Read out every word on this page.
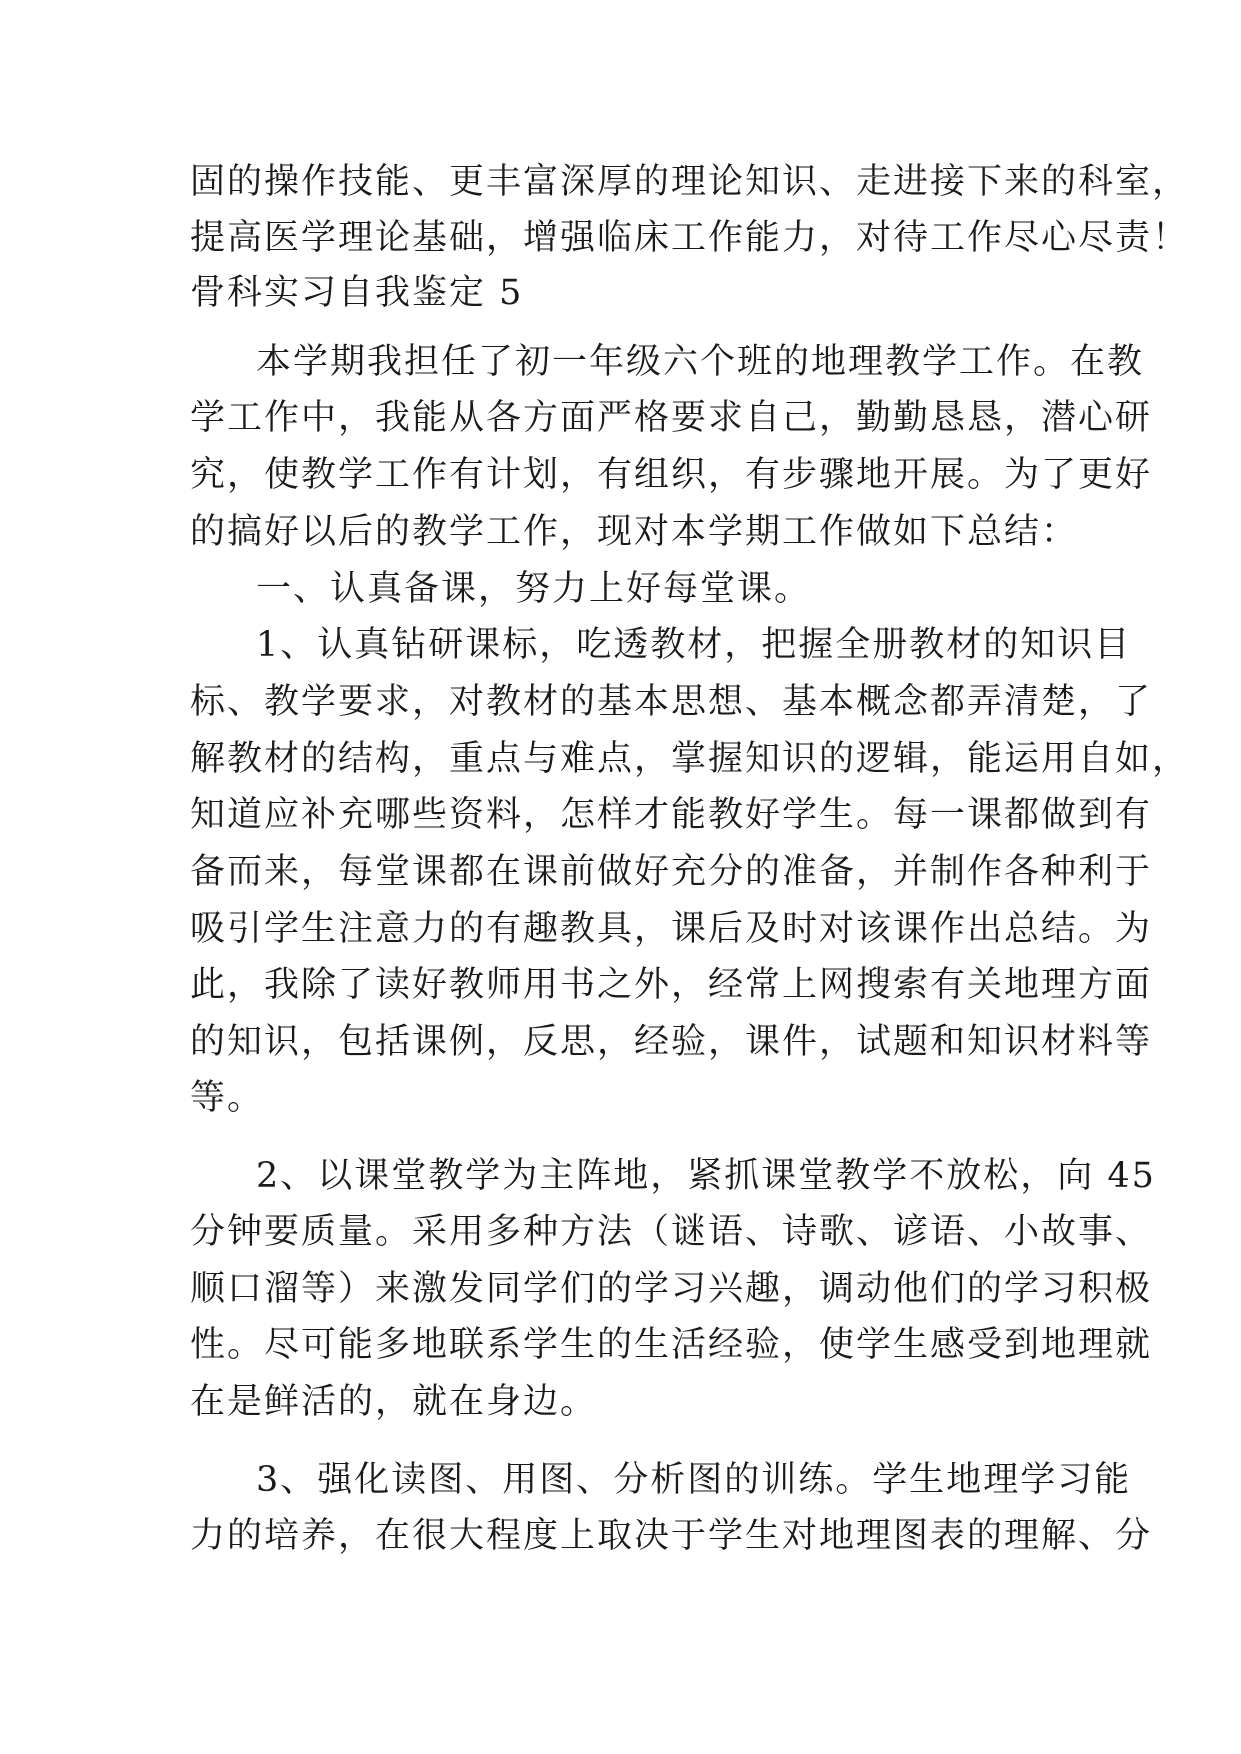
固的操作技能、更丰富深厚的理论知识、走进接下来的科室，
提高医学理论基础，增强临床工作能力，对待工作尽心尽责！
骨科实习自我鉴定 5
本学期我担任了初一年级六个班的地理教学工作。在教
学工作中，我能从各方面严格要求自己，勤勤恳恳，潜心研
究，使教学工作有计划，有组织，有步骤地开展。为了更好
的搞好以后的教学工作，现对本学期工作做如下总结：
一、认真备课，努力上好每堂课。
1、认真钻研课标，吃透教材，把握全册教材的知识目
标、教学要求，对教材的基本思想、基本概念都弄清楚，了
解教材的结构，重点与难点，掌握知识的逻辑，能运用自如，
知道应补充哪些资料，怎样才能教好学生。每一课都做到有
备而来，每堂课都在课前做好充分的准备，并制作各种利于
吸引学生注意力的有趣教具，课后及时对该课作出总结。为
此，我除了读好教师用书之外，经常上网搜索有关地理方面
的知识，包括课例，反思，经验，课件，试题和知识材料等
等。
2、以课堂教学为主阵地，紧抓课堂教学不放松，向 45
分钟要质量。采用多种方法（谜语、诗歌、谚语、小故事、
顺口溜等）来激发同学们的学习兴趣，调动他们的学习积极
性。尽可能多地联系学生的生活经验，使学生感受到地理就
在是鲜活的，就在身边。
3、强化读图、用图、分析图的训练。学生地理学习能
力的培养，在很大程度上取决于学生对地理图表的理解、分
